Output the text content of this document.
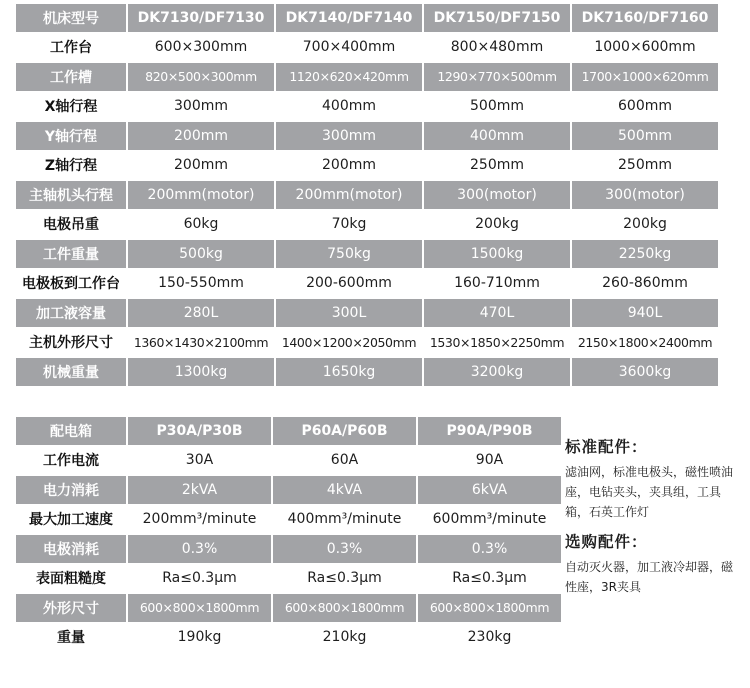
机床型号	DK7130/DF7130	DK7140/DF7140	DK7150/DF7150	DK7160/DF7160
工作台	600×300mm	700×400mm	800×480mm	1000×600mm
工作槽	820×500×300mm	1120×620×420mm	1290×770×500mm	1700×1000×620mm
X轴行程	300mm	400mm	500mm	600mm
Y轴行程	200mm	300mm	400mm	500mm
Z轴行程	200mm	200mm	250mm	250mm
主轴机头行程	200mm(motor)	200mm(motor)	300(motor)	300(motor)
电极吊重	60kg	70kg	200kg	200kg
工件重量	500kg	750kg	1500kg	2250kg
电极板到工作台	150-550mm	200-600mm	160-710mm	260-860mm
加工液容量	280L	300L	470L	940L
主机外形尺寸	1360×1430×2100mm	1400×1200×2050mm	1530×1850×2250mm	2150×1800×2400mm
机械重量	1300kg	1650kg	3200kg	3600kg
配电箱	P30A/P30B	P60A/P60B	P90A/P90B
工作电流	30A	60A	90A
电力消耗	2kVA	4kVA	6kVA
最大加工速度	200mm³/minute	400mm³/minute	600mm³/minute
电极消耗	0.3%	0.3%	0.3%
表面粗糙度	Ra≤0.3μm	Ra≤0.3μm	Ra≤0.3μm
外形尺寸	600×800×1800mm	600×800×1800mm	600×800×1800mm
重量	190kg	210kg	230kg
标准配件：
滤油网，标准电极头，磁性喷油座，电钻夹头，夹具组，工具箱，石英工作灯
选购配件：
自动灭火器，加工液冷却器，磁性座，3R夹具
